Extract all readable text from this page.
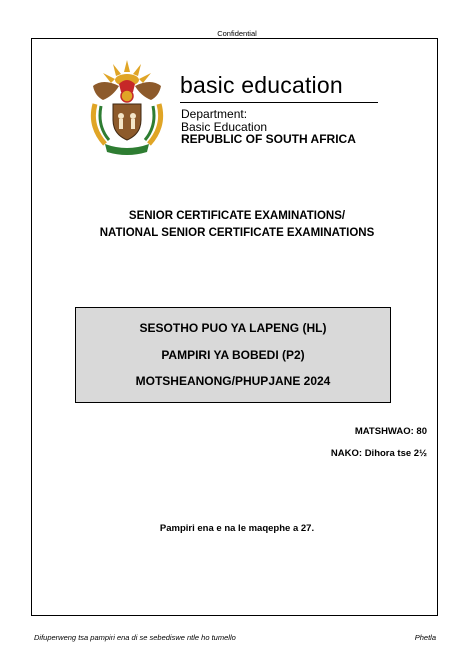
Confidential
basic education
Department:
Basic Education
REPUBLIC OF SOUTH AFRICA
SENIOR CERTIFICATE EXAMINATIONS/
NATIONAL SENIOR CERTIFICATE EXAMINATIONS
SESOTHO PUO YA LAPENG (HL)
PAMPIRI YA BOBEDI (P2)
MOTSHEANONG/PHUPJANE 2024
MATSHWAO: 80
NAKO: Dihora tse 2½
Pampiri ena e na le maqephe a 27.
Difuperweng tsa pampiri ena di se sebediswe ntle ho tumello	Phetla
